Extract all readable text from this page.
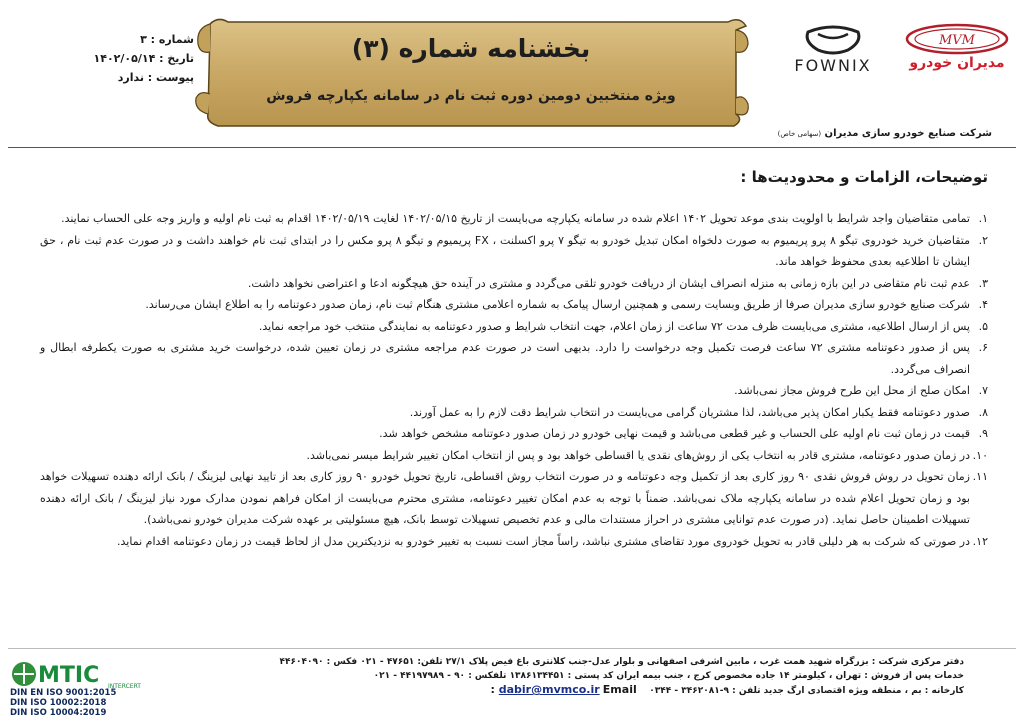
شماره : ۳
تاریخ : ۱۴۰۲/۰۵/۱۴
پیوست : ندارد
بخشنامه شماره (۳)
ویژه منتخبین دومین دوره ثبت نام در سامانه یکپارچه فروش
FOWNIX
MVM
مدیران خودرو
شرکت صنایع خودرو سازی مدیران (سهامی خاص)
توضیحات، الزامات و محدودیت‌ها :
۱.
تمامی متقاضیان واجد شرایط با اولویت بندی موعد تحویل ۱۴۰۲ اعلام شده در سامانه یکپارچه می‌بایست از تاریخ ۱۴۰۲/۰۵/۱۵ لغایت ۱۴۰۲/۰۵/۱۹ اقدام به ثبت نام اولیه و واریز وجه علی الحساب نمایند.
۲.
متقاضیان خرید خودروی تیگو ۸ پرو پریمیوم به صورت دلخواه امکان تبدیل خودرو به تیگو ۷ پرو اکسلنت ، FX پریمیوم و تیگو ۸ پرو مکس را در ابتدای ثبت نام خواهند داشت و در صورت عدم ثبت نام ، حق ایشان تا اطلاعیه بعدی محفوظ خواهد ماند.
۳.
عدم ثبت نام متقاضی در این بازه زمانی به منزله انصراف ایشان از دریافت خودرو تلقی می‌گردد و مشتری در آینده حق هیچگونه ادعا و اعتراضی نخواهد داشت.
۴.
شرکت صنایع خودرو سازی مدیران صرفا از طریق وبسایت رسمی و همچنین ارسال پیامک به شماره اعلامی مشتری هنگام ثبت نام، زمان صدور دعوتنامه را به اطلاع ایشان می‌رساند.
۵.
پس از ارسال اطلاعیه، مشتری می‌بایست ظرف مدت ۷۲ ساعت از زمان اعلام، جهت انتخاب شرایط و صدور دعوتنامه به نمایندگی منتخب خود مراجعه نماید.
۶.
پس از صدور دعوتنامه مشتری ۷۲ ساعت فرصت تکمیل وجه درخواست را دارد. بدیهی است در صورت عدم مراجعه مشتری در زمان تعیین شده، درخواست خرید مشتری به صورت یکطرفه ابطال و انصراف می‌گردد.
۷.
امکان صلح از محل این طرح فروش مجاز نمی‌باشد.
۸.
صدور دعوتنامه فقط یکبار امکان پذیر می‌باشد، لذا مشتریان گرامی می‌بایست در انتخاب شرایط دقت لازم را به عمل آورند.
۹.
قیمت در زمان ثبت نام اولیه علی الحساب و غیر قطعی می‌باشد و قیمت نهایی خودرو در زمان صدور دعوتنامه مشخص خواهد شد.
۱۰.
در زمان صدور دعوتنامه، مشتری قادر به انتخاب یکی از روش‌های نقدی یا اقساطی خواهد بود و پس از انتخاب امکان تغییر شرایط میسر نمی‌باشد.
۱۱.
زمان تحویل در روش فروش نقدی ۹۰ روز کاری بعد از تکمیل وجه دعوتنامه و در صورت انتخاب روش اقساطی، تاریخ تحویل خودرو ۹۰ روز کاری بعد از تایید نهایی لیزینگ / بانک ارائه دهنده تسهیلات خواهد بود و زمان تحویل اعلام شده در سامانه یکپارچه ملاک نمی‌باشد. ضمناً با توجه به عدم امکان تغییر دعوتنامه، مشتری محترم می‌بایست از امکان فراهم نمودن مدارک مورد نیاز لیزینگ / بانک ارائه دهنده تسهیلات اطمینان حاصل نماید. (در صورت عدم توانایی مشتری در احراز مستندات مالی و عدم تخصیص تسهیلات توسط بانک، هیچ مسئولیتی بر عهده شرکت مدیران خودرو نمی‌باشد).
۱۲.
در صورتی که شرکت به هر دلیلی قادر به تحویل خودروی مورد تقاضای مشتری نباشد، راساً مجاز است نسبت به تغییر خودرو به نزدیکترین مدل از لحاظ قیمت در زمان دعوتنامه اقدام نماید.
دفتر مرکزی شرکت : بزرگراه شهید همت غرب ، مابین اشرفی اصفهانی و بلوار عدل-جنب کلانتری باغ فیض پلاک ۲۷/۱ تلفن: ۴۷۶۵۱ - ۰۲۱ فکس : ۴۴۶۰۴۰۹۰
خدمات پس از فروش : تهران ، کیلومتر ۱۴ جاده مخصوص کرج ، جنب بیمه ایران کد پستی : ۱۳۸۶۱۳۴۴۵۱ تلفکس : ۹۰ - ۴۴۱۹۷۹۸۹ - ۰۲۱
کارخانه : بم ، منطقه ویژه اقتصادی ارگ جدید تلفن : ۹-۳۴۶۲۰۸۱ - ۰۳۴۴    dabir@mvmco.ir Email :
MTIC INTERCERT
DIN EN ISO 9001:2015
DIN ISO 10002:2018
DIN ISO 10004:2019
